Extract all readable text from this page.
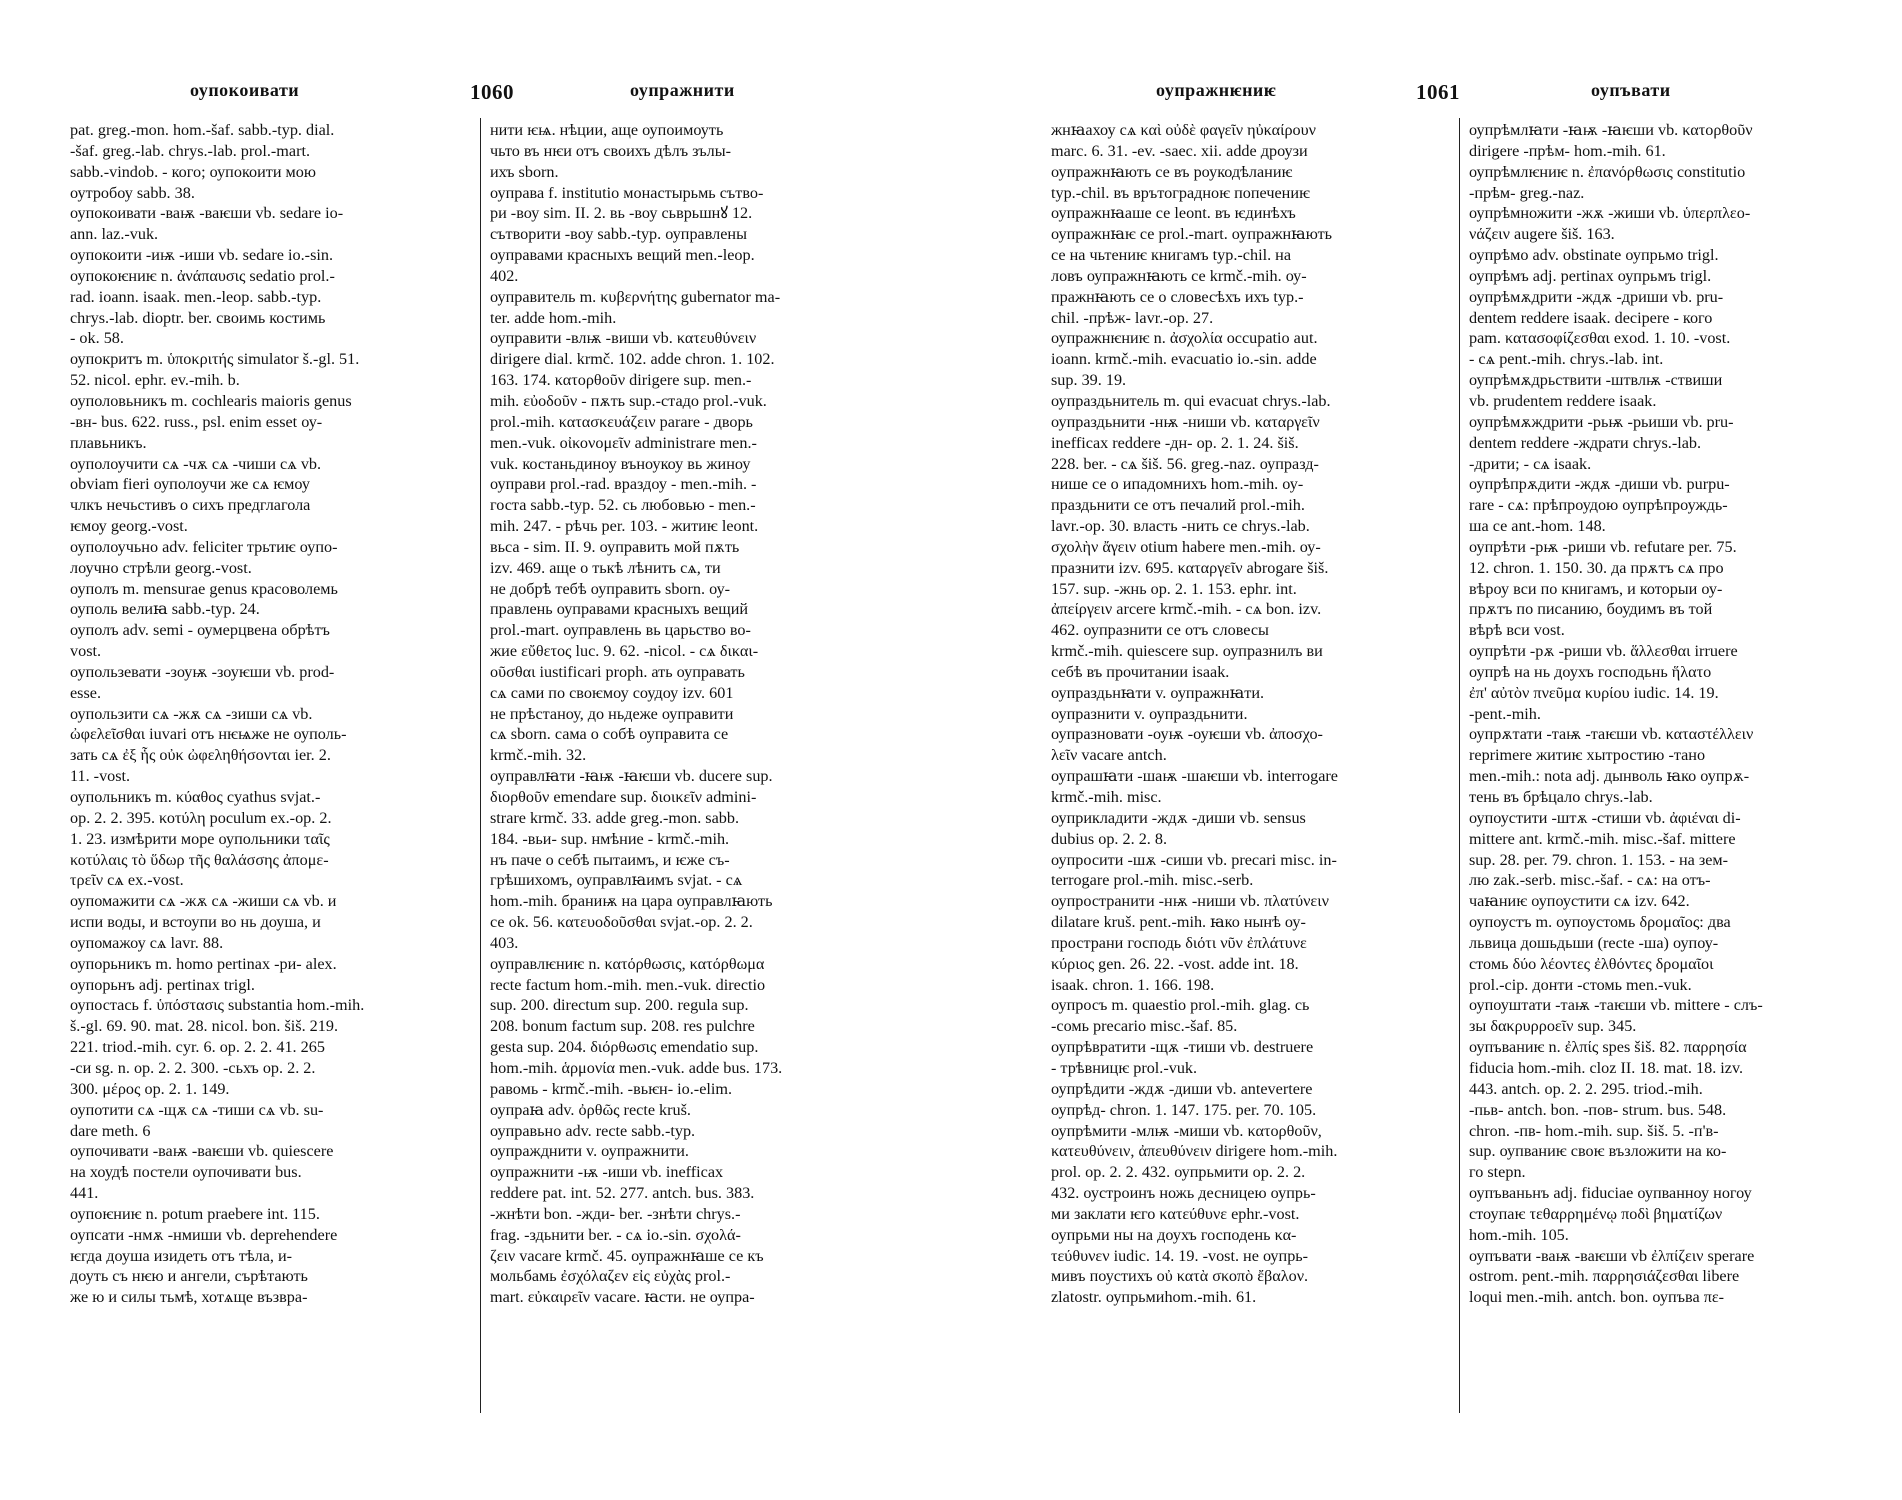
оупокоивати	1060	оупражнити

pat. greg.-mon. hom.-šaf. sabb.-typ. dial.
-šaf. greg.-lab. chrys.-lab. prol.-mart.
sabb.-vindob. - кого; оупокоити мою
оутробоу sabb. 38.
оупокоивати -ваѭ -ваѥши vb. sedare io-
ann. laz.-vuk.
оупокоити -иѭ -иши vb. sedare io.-sin.
оупокоѥниѥ n. ἀνάπαυσις sedatio prol.-
rad. ioann. isaak. men.-leop. sabb.-typ.
chrys.-lab. dioptr. ber. своимь костимь
- ok. 58.
оупокритъ m. ὑποκριτής simulator š.-gl. 51.
52. nicol. ephr. ev.-mih. b.
оуполовьникъ m. cochlearis maioris genus
-вн- bus. 622. russ., psl. enim esset оу-
плавьникъ.
оуполоучити сѧ -чѫ сѧ -чиши сѧ vb.
obviam fieri оуполоучи же сѧ ѥмоу
члкъ нечьстивъ о сихъ предглагола
ѥмоу georg.-vost.
оуполоучьно adv. feliciter трьтиѥ оупо-
лоучно стрѣли georg.-vost.
оуполъ m. mensurae genus красоволемь
оуполь велиꙗ sabb.-typ. 24.
оуполъ adv. semi - оумерцвена обрѣтъ
vost.
оупользевати -зоуѭ -зоуѥши vb. prod-
esse.
оупользити сѧ -жѫ сѧ -зиши сѧ vb.
ὠφελεῖσθαι iuvari отъ нѥѩже не оуполь-
зать сѧ ἐξ ἧς οὐκ ὠφεληθήσονται ier. 2.
11. -vost.
оупольникъ m. κύαθος cyathus svjat.-
op. 2. 2. 395. κοτύλη poculum ex.-op. 2.
1. 23. измѣрити море оупольники ταῖς
κοτύλαις τὸ ὕδωρ τῆς θαλάσσης ἀπομε-
τρεῖν сѧ ex.-vost.
оупомажити сѧ -жѫ сѧ -жиши сѧ vb. и
испи воды, и встоупи во нь доуша, и
оупомажоу сѧ lavr. 88.
оупорьникъ m. homo pertinax -ри- alex.
оупорьнъ adj. pertinax trigl.
оупостась f. ὑπόστασις substantia hom.-mih.
š.-gl. 69. 90. mat. 28. nicol. bon. šiš. 219.
221. triod.-mih. cyr. 6. op. 2. 2. 41. 265
-си sg. n. op. 2. 2. 300. -сьхъ op. 2. 2.
300. μέρος op. 2. 1. 149.
оупотити сѧ -щѫ сѧ -тиши сѧ vb. su-
dare meth. 6
оупочивати -ваѭ -ваѥши vb. quiescere
на хоудѣ постели оупочивати bus.
441.
оупоѥниѥ n. potum praebere int. 115.
оупсати -нмѫ -нмиши vb. deprehendere
ѥгда доуша изидеть отъ тѣла, и-
доуть съ нѥю и ангели, сърѣтають
же ю и силы тьмѣ, хотѧще възвра-

нити ѥѩ. нѣции, аще оупоимоуть
чьто въ нѥи отъ своихъ дѣлъ зълы-
ихъ sborn.
оуправа f. institutio монастырьмь сътво-
ри -воу sim. II. 2. вь -воу сьврьшнꙋ 12.
сътворити -воу sabb.-typ. оуправлены
оуправами красныхъ вещий men.-leop.
402.
оуправитель m. κυβερνήτης gubernator ma-
ter. adde hom.-mih.
оуправити -влѭ -виши vb. κατευθύνειν
dirigere dial. krmč. 102. adde chron. 1. 102.
163. 174. κατορθοῦν dirigere sup. men.-
mih. εὐοδοῦν - пѫть sup.-стадо prol.-vuk.
prol.-mih. κατασκευάζειν parare - дворь
men.-vuk. οἰκονομεῖν administrare men.-
vuk. костаньдиноу въноукоу вь жиноу
оуправи prol.-rad. враздоу - men.-mih. -
госта sabb.-typ. 52. сь любовью - men.-
mih. 247. - рѣчь per. 103. - житиѥ leont.
вьса - sim. II. 9. оуправить мой пѫть
izv. 469. аще о тькѣ лѣнить сѧ, ти
не добрѣ тебѣ оуправить sborn. оу-
правлень оуправами красныхъ вещий
prol.-mart. оуправлень вь царьство во-
жие εὔθετος luc. 9. 62. -nicol. - сѧ δικαι-
οῦσθαι iustificari proph. ать оуправать
сѧ сами по своѥмоу соудоу izv. 601
не прѣстаноу, до ньдеже оуправити
сѧ sborn. сама о собѣ оуправита се
krmč.-mih. 32.
оуправлꙗти -ꙗѭ -ꙗѥши vb. ducere sup.
διορθοῦν emendare sup. διοικεῖν admini-
strare krmč. 33. adde greg.-mon. sabb.
184. -вьи- sup. нмѣние - krmč.-mih.
нъ паче о себѣ пытаимъ, и ѥже съ-
грѣшихомъ, оуправлꙗимъ svjat. - сѧ
hom.-mih. браниѭ на цара оуправлꙗють
се ok. 56. κατευοδοῦσθαι svjat.-op. 2. 2.
403.
оуправлѥниѥ n. κατόρθωσις, κατόρθωμα
recte factum hom.-mih. men.-vuk. directio
sup. 200. directum sup. 200. regula sup.
208. bonum factum sup. 208. res pulchre
gesta sup. 204. διόρθωσις emendatio sup.
hom.-mih. ἁρμονία men.-vuk. adde bus. 173.
равомь - krmč.-mih. -вьѥн- io.-elim.
оупраꙗ adv. ὀρθῶς recte kruš.
оуправьно adv. recte sabb.-typ.
оупражднити v. оупражнити.
оупражнити -ѭ -иши vb. inefficax
reddere pat. int. 52. 277. antch. bus. 383.
-жнѣти bon. -жди- ber. -знѣти chrys.-
frag. -здьнити ber. - сѧ io.-sin. σχολά-
ζειν vacare krmč. 45. оупражнꙗше се къ
мольбамь ἐσχόλαζεν εἰς εὐχὰς prol.-
mart. εὐκαιρεῖν vacare. ꙗсти. не оупра-

оупражнѥниѥ	1061	оупъвати

жнꙗахоу сѧ καὶ οὐδὲ φαγεῖν ηὐκαίρουν
marc. 6. 31. -ev. -saec. xii. adde дроузи
оупражнꙗють се въ роукодѣланиѥ
typ.-chil. въ врътоградноѥ попечениѥ
оупражнꙗаше се leont. въ ѥдинѣхъ
оупражнꙗѥ се prol.-mart. оупражнꙗють
се на чьтениѥ книгамъ typ.-chil. на
ловъ оупражнꙗють се krmč.-mih. оу-
пражнꙗють се о словесѣхъ ихъ typ.-
chil. -прѣж- lavr.-op. 27.
оупражнѥниѥ n. ἀσχολία occupatio aut.
ioann. krmč.-mih. evacuatio io.-sin. adde
sup. 39. 19.
оупраздьнитель m. qui evacuat chrys.-lab.
оупраздьнити -нѭ -ниши vb. καταργεῖν
inefficax reddere -дн- op. 2. 1. 24. šiš.
228. ber. - сѧ šiš. 56. greg.-naz. оупразд-
нише се о ипадомнихъ hom.-mih. оу-
праздьнити се отъ печалий prol.-mih.
lavr.-op. 30. власть -нить се chrys.-lab.
σχολὴν ἄγειν otium habere men.-mih. оу-
празнити izv. 695. καταργεῖν abrogare šiš.
157. sup. -жнь op. 2. 1. 153. ephr. int.
ἀπείργειν arcere krmč.-mih. - сѧ bon. izv.
462. оупразнити се отъ словесы
krmč.-mih. quiescere sup. оупразнилъ ви
себѣ въ прочитании isaak.
оупраздьнꙗти v. оупражнꙗти.
оупразнити v. оупраздьнити.
оупразновати -оуѭ -оуѥши vb. ἀποσχο-
λεῖν vacare antch.
оупрашꙗти -шаѭ -шаѥши vb. interrogare
krmč.-mih. misc.
оуприкладити -ждѫ -диши vb. sensus
dubius op. 2. 2. 8.
оупросити -шѫ -сиши vb. precari misc. in-
terrogare prol.-mih. misc.-serb.
оупространити -нѭ -ниши vb. πλατύνειν
dilatare kruš. pent.-mih. ꙗко нынѣ оу-
пространи господь διότι νῦν ἐπλάτυνε
κύριος gen. 26. 22. -vost. adde int. 18.
isaak. chron. 1. 166. 198.
оупросъ m. quaestio prol.-mih. glag. сь
-сомь precario misc.-šaf. 85.
оупрѣвратити -щѫ -тиши vb. destruere
- трѣвницѥ prol.-vuk.
оупрѣдити -ждѫ -диши vb. antevertere
оупрѣд- chron. 1. 147. 175. per. 70. 105.
оупрѣмити -млѭ -миши vb. κατορθοῦν,
κατευθύνειν, ἀπευθύνειν dirigere hom.-mih.
prol. op. 2. 2. 432. оупрьмити op. 2. 2.
432. оустроинъ ножь десницею оупрь-
ми заклати ѥго κατεύθυνε ephr.-vost.
оупрьми ны на доухъ господень κα-
τεύθυνεν iudic. 14. 19. -vost. не оупрь-
мивъ поустихъ οὐ κατὰ σκοπὸ ἔβαλον.
zlatostr. оупрьмиhom.-mih. 61.

оупрѣмлꙗти -ꙗѭ -ꙗѥши vb. κατορθοῦν
dirigere -прѣм- hom.-mih. 61.
оупрѣмлѥниѥ n. ἐπανόρθωσις constitutio
-прѣм- greg.-naz.
оупрѣмножити -жѫ -жиши vb. ὑπερπλεο-
νάζειν augere šiš. 163.
оупрѣмо adv. obstinate оупрьмо trigl.
оупрѣмъ adj. pertinax оупрьмъ trigl.
оупрѣмѫдрити -ждѫ -дриши vb. pru-
dentem reddere isaak. decipere - кого
pam. κατασοφίζεσθαι exod. 1. 10. -vost.
- сѧ pent.-mih. chrys.-lab. int.
оупрѣмѫдрьствити -штвлѭ -ствиши
vb. prudentem reddere isaak.
оупрѣмѫждрити -рьѭ -рьиши vb. pru-
dentem reddere -ждрати chrys.-lab.
-дрити; - сѧ isaak.
оупрѣпрѫдити -ждѫ -диши vb. purpu-
rare - сѧ: прѣпроудою оупрѣпроуждь-
ша се ant.-hom. 148.
оупрѣти -рѭ -риши vb. refutare per. 75.
12. chron. 1. 150. 30. да прѫтъ сѧ про
вѣроу вси по книгамъ, и которыи оу-
прѫтъ по писанию, боудимъ въ той
вѣрѣ вси vost.
оупрѣти -рѫ -риши vb. ἅλλεσθαι irruere
оупрѣ на нь доухъ господьнь ἥλατο
ἐπ' αὐτὸν πνεῦμα κυρίου iudic. 14. 19.
-pent.-mih.
оупрѫтати -таѭ -таѥши vb. καταστέλλειν
reprimere житиѥ хытростию -тано
men.-mih.: nota adj. дынволь ꙗко оупрѫ-
тень въ брѣцало chrys.-lab.
оупоустити -штѫ -стиши vb. ἀφιέναι di-
mittere ant. krmč.-mih. misc.-šaf. mittere
sup. 28. per. 79. chron. 1. 153. - на зем-
лю zak.-serb. misc.-šaf. - сѧ: на отъ-
чаꙗниѥ оупоустити сѧ izv. 642.
оупоустъ m. оупоустомь δρομαῖος: два
львица дошьдьши (recte -ша) оупоу-
стомь δύο λέοντες ἐλθόντες δρομαῖοι
prol.-cip. донти -стомь men.-vuk.
оупоуштати -таѭ -таѥши vb. mittere - слъ-
зы δακρυρροεῖν sup. 345.
оупъваниѥ n. ἐλπίς spes šiš. 82. παρρησία
fiducia hom.-mih. cloz II. 18. mat. 18. izv.
443. antch. op. 2. 2. 295. triod.-mih.
-пьв- antch. bon. -пов- strum. bus. 548.
chron. -пв- hom.-mih. sup. šiš. 5. -п'в-
sup. оупваниѥ своѥ възложити на ко-
го stepn.
оупъваньнъ adj. fiduciae оупванноу ногоу
стоупаѥ τεθαρρημένῳ ποδὶ βηματίζων
hom.-mih. 105.
оупъвати -ваѭ -ваѥши vb ἐλπίζειν sperare
ostrom. pent.-mih. παρρησιάζεσθαι libere
loqui men.-mih. antch. bon. оупъва πε-
